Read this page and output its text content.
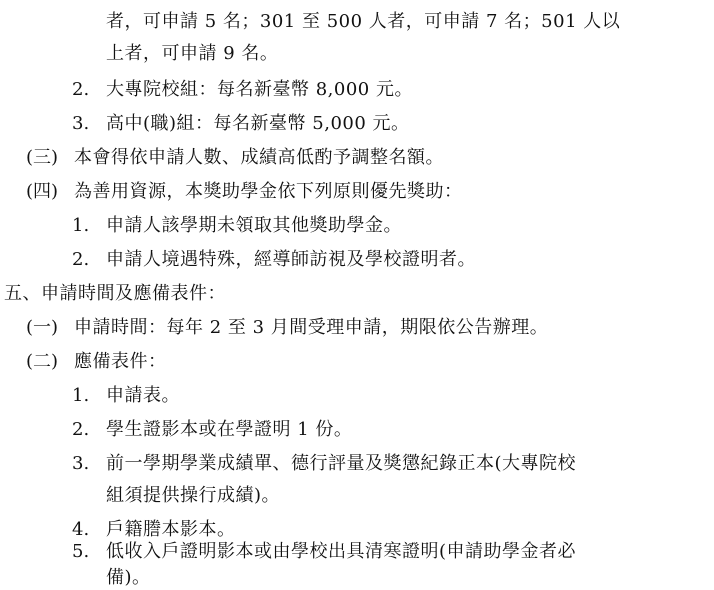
者，可申請 5 名；301 至 500 人者，可申請 7 名；501 人以
上者，可申請 9 名。
2. 大專院校組：每名新臺幣 8,000 元。
3. 高中(職)組：每名新臺幣 5,000 元。
(三) 本會得依申請人數、成績高低酌予調整名額。
(四) 為善用資源，本獎助學金依下列原則優先獎助：
1. 申請人該學期未領取其他獎助學金。
2. 申請人境遇特殊，經導師訪視及學校證明者。
五、申請時間及應備表件：
(一) 申請時間：每年 2 至 3 月間受理申請，期限依公告辦理。
(二) 應備表件：
1. 申請表。
2. 學生證影本或在學證明 1 份。
3. 前一學期學業成績單、德行評量及獎懲紀錄正本(大專院校
組須提供操行成績)。
4. 戶籍謄本影本。
5. 低收入戶證明影本或由學校出具清寒證明(申請助學金者必
備)。
